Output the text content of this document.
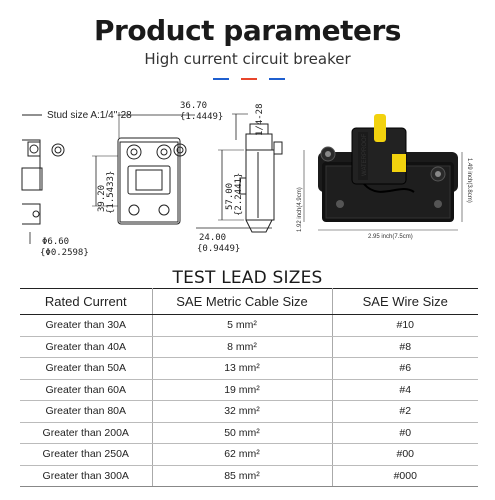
Product parameters
High current circuit breaker
Stud size A:1/4"-28
Φ6.60
{Φ0.2598}
36.70
{1.4449}
39.20 {1.5433}
1/4-28
57.00 {2.2441}
24.00
{0.9449}
WATERPROOF
1.92 inch(4.9cm)
1.49 inch(3.8cm)
2.95 inch(7.5cm)
TEST LEAD SIZES
Rated Current	SAE Metric Cable Size	SAE Wire Size
Greater than 30A	5 mm²	#10
Greater than 40A	8 mm²	#8
Greater than 50A	13 mm²	#6
Greater than 60A	19 mm²	#4
Greater than 80A	32 mm²	#2
Greater than 200A	50 mm²	#0
Greater than 250A	62 mm²	#00
Greater than 300A	85 mm²	#000
